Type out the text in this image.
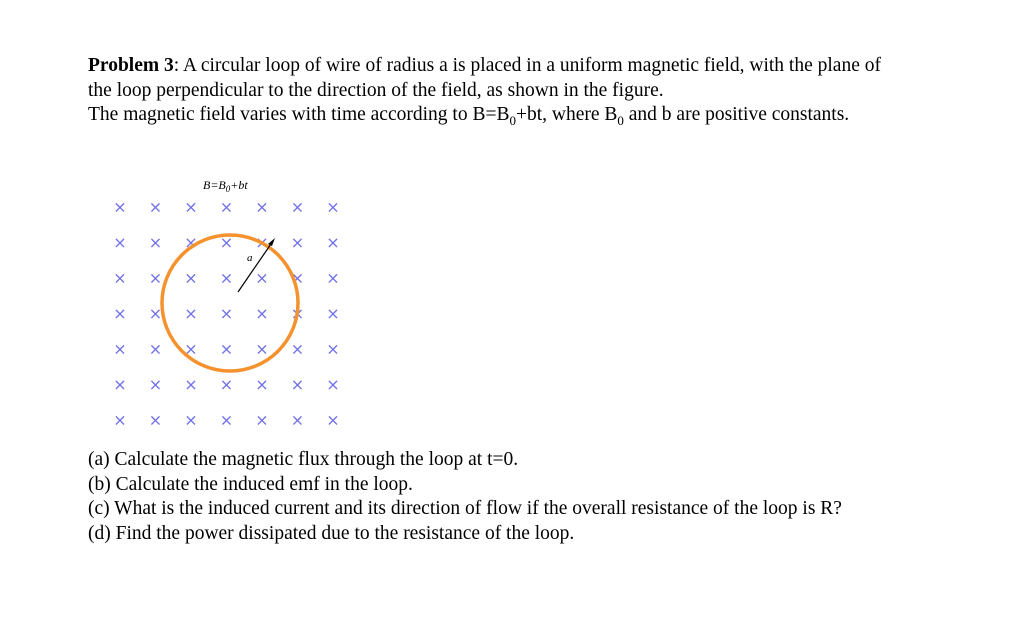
Problem 3: A circular loop of wire of radius a is placed in a uniform magnetic field, with the plane of the loop perpendicular to the direction of the field, as shown in the figure.

The magnetic field varies with time according to $B=B_0+bt$, where $B_0$ and b are positive constants.

$B=B_0+bt$
× × × × × × ×
× × × × × × ×
× × × × × × ×
× × × × × × ×
× × × × × × ×
× × × × × × ×
× × × × × × ×
a

(a) Calculate the magnetic flux through the loop at t=0.

(b) Calculate the induced emf in the loop.

(c) What is the induced current and its direction of flow if the overall resistance of the loop is R?

(d) Find the power dissipated due to the resistance of the loop.
